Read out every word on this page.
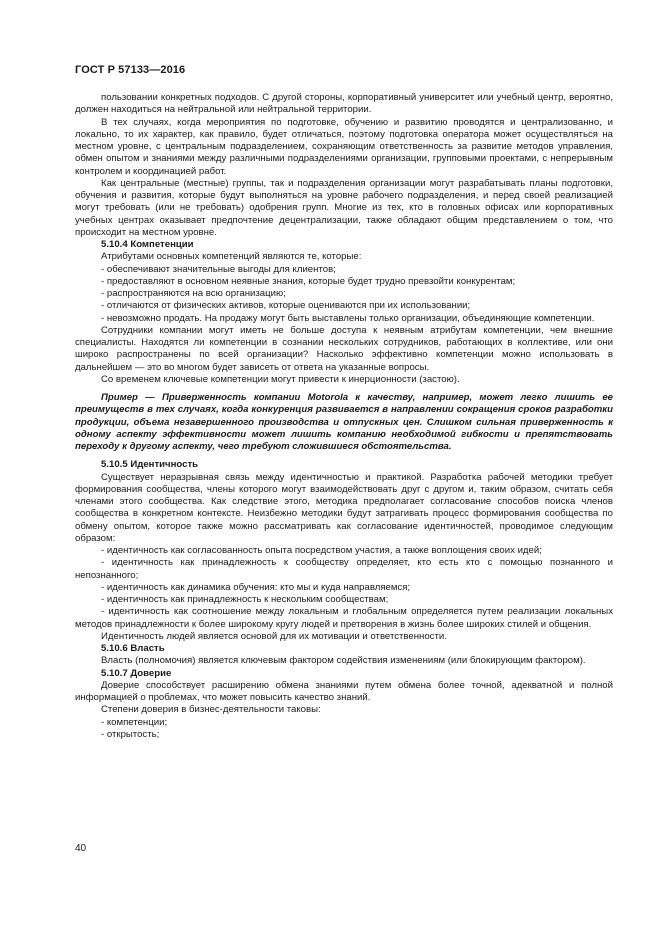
ГОСТ Р 57133—2016

пользовании конкретных подходов. С другой стороны, корпоративный университет или учебный центр, вероятно, должен находиться на нейтральной или нейтральной территории.

В тех случаях, когда мероприятия по подготовке, обучению и развитию проводятся и централизованно, и локально, то их характер, как правило, будет отличаться, поэтому подготовка оператора может осуществляться на местном уровне, с центральным подразделением, сохраняющим ответственность за развитие методов управления, обмен опытом и знаниями между различными подразделениями организации, групповыми проектами, с непрерывным контролем и координацией работ.

Как центральные (местные) группы, так и подразделения организации могут разрабатывать планы подготовки, обучения и развития, которые будут выполняться на уровне рабочего подразделения, и перед своей реализацией могут требовать (или не требовать) одобрения групп. Многие из тех, кто в головных офисах или корпоративных учебных центрах оказывает предпочтение децентрализации, также обладают общим представлением о том, что происходит на местном уровне.

5.10.4 Компетенции

Атрибутами основных компетенций являются те, которые:

- обеспечивают значительные выгоды для клиентов;

- предоставляют в основном неявные знания, которые будет трудно превзойти конкурентам;

- распространяются на всю организацию;

- отличаются от физических активов, которые оцениваются при их использовании;

- невозможно продать. На продажу могут быть выставлены только организации, объединяющие компетенции.

Сотрудники компании могут иметь не больше доступа к неявным атрибутам компетенции, чем внешние специалисты. Находятся ли компетенции в сознании нескольких сотрудников, работающих в коллективе, или они широко распространены по всей организации? Насколько эффективно компетенции можно использовать в дальнейшем — это во многом будет зависеть от ответа на указанные вопросы.

Со временем ключевые компетенции могут привести к инерционности (застою).

Пример — Приверженность компании Motorola к качеству, например, может легко лишить ее преимуществ в тех случаях, когда конкуренция развивается в направлении сокращения сроков разработки продукции, объема незавершенного производства и отпускных цен. Слишком сильная приверженность к одному аспекту эффективности может лишить компанию необходимой гибкости и препятствовать переходу к другому аспекту, чего требуют сложившиеся обстоятельства.

5.10.5 Идентичность

Существует неразрывная связь между идентичностью и практикой. Разработка рабочей методики требует формирования сообщества, члены которого могут взаимодействовать друг с другом и, таким образом, считать себя членами этого сообщества. Как следствие этого, методика предполагает согласование способов поиска членов сообщества в конкретном контексте. Неизбежно методики будут затрагивать процесс формирования сообщества по обмену опытом, которое также можно рассматривать как согласование идентичностей, проводимое следующим образом:

- идентичность как согласованность опыта посредством участия, а также воплощения своих идей;

- идентичность как принадлежность к сообществу определяет, кто есть кто с помощью познанного и непознанного;

- идентичность как динамика обучения: кто мы и куда направляемся;

- идентичность как принадлежность к нескольким сообществам;

- идентичность как соотношение между локальным и глобальным определяется путем реализации локальных методов принадлежности к более широкому кругу людей и претворения в жизнь более широких стилей и общения.

Идентичность людей является основой для их мотивации и ответственности.

5.10.6 Власть

Власть (полномочия) является ключевым фактором содействия изменениям (или блокирующим фактором).

5.10.7 Доверие

Доверие способствует расширению обмена знаниями путем обмена более точной, адекватной и полной информацией о проблемах, что может повысить качество знаний.

Степени доверия в бизнес-деятельности таковы:

- компетенции;

- открытость;

40
